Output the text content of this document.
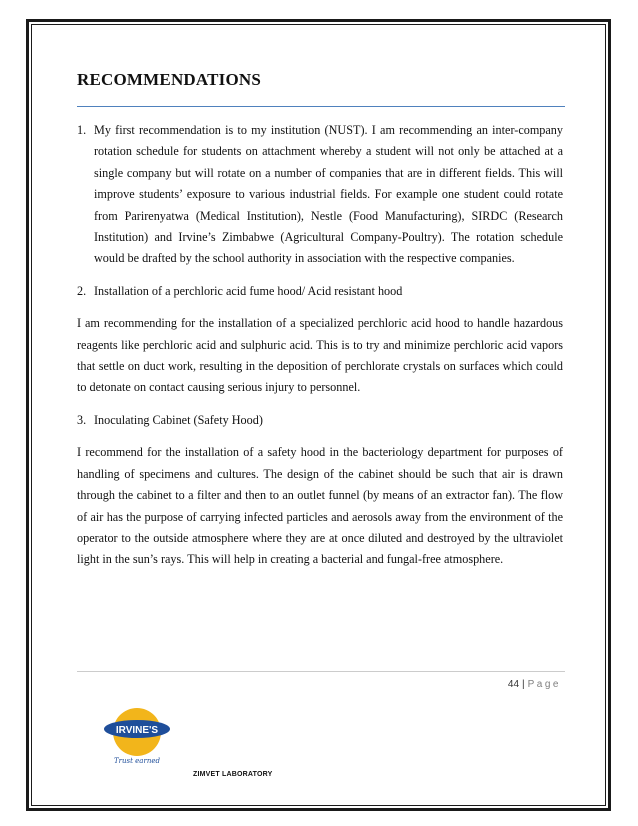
RECOMMENDATIONS
1. My first recommendation is to my institution (NUST). I am recommending an inter-company rotation schedule for students on attachment whereby a student will not only be attached at a single company but will rotate on a number of companies that are in different fields. This will improve students’ exposure to various industrial fields. For example one student could rotate from Parirenyatwa (Medical Institution), Nestle (Food Manufacturing), SIRDC (Research Institution) and Irvine’s Zimbabwe (Agricultural Company-Poultry). The rotation schedule would be drafted by the school authority in association with the respective companies.
2. Installation of a perchloric acid fume hood/ Acid resistant hood

I am recommending for the installation of a specialized perchloric acid hood to handle hazardous reagents like perchloric acid and sulphuric acid. This is to try and minimize perchloric acid vapors that settle on duct work, resulting in the deposition of perchlorate crystals on surfaces which could to detonate on contact causing serious injury to personnel.

3. Inoculating Cabinet (Safety Hood)

I recommend for the installation of a safety hood in the bacteriology department for purposes of handling of specimens and cultures. The design of the cabinet should be such that air is drawn through the cabinet to a filter and then to an outlet funnel (by means of an extractor fan). The flow of air has the purpose of carrying infected particles and aerosols away from the environment of the operator to the outside atmosphere where they are at once diluted and destroyed by the ultraviolet light in the sun’s rays. This will help in creating a bacterial and fungal-free atmosphere.

44 | Page
IRVINE'S
Trust earned
ZIMVET LABORATORY
